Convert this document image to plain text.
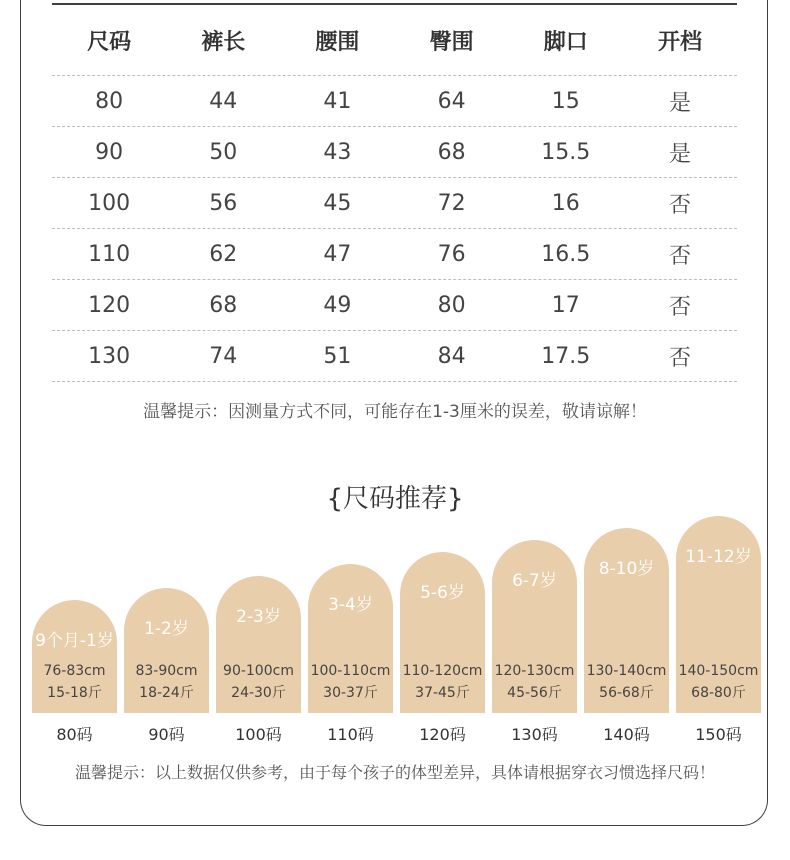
尺码	裤长	腰围	臀围	脚口	开档
80	44	41	64	15	是
90	50	43	68	15.5	是
100	56	45	72	16	否
110	62	47	76	16.5	否
120	68	49	80	17	否
130	74	51	84	17.5	否
温馨提示：因测量方式不同，可能存在1-3厘米的误差，敬请谅解！
{尺码推荐}
9个月-1岁
76-83cm
15-18斤
80码
1-2岁
83-90cm
18-24斤
90码
2-3岁
90-100cm
24-30斤
100码
3-4岁
100-110cm
30-37斤
110码
5-6岁
110-120cm
37-45斤
120码
6-7岁
120-130cm
45-56斤
130码
8-10岁
130-140cm
56-68斤
140码
11-12岁
140-150cm
68-80斤
150码
温馨提示：以上数据仅供参考，由于每个孩子的体型差异，具体请根据穿衣习惯选择尺码！
